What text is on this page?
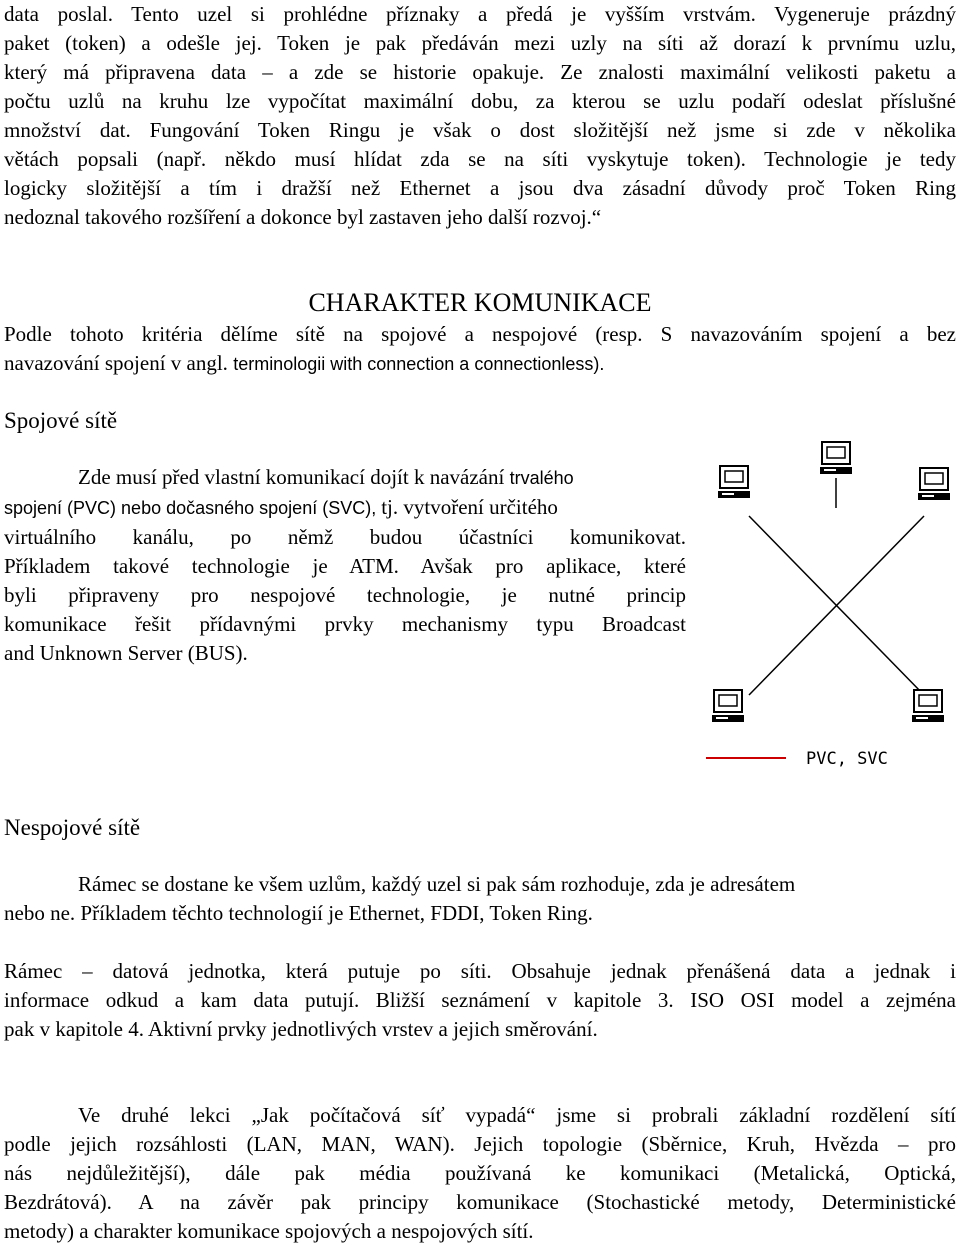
data poslal. Tento uzel si prohlédne příznaky a předá je vyšším vrstvám. Vygeneruje prázdný
paket (token) a odešle jej. Token je pak předáván mezi uzly na síti až dorazí k prvnímu uzlu,
který má připravena data – a zde se historie opakuje. Ze znalosti maximální velikosti paketu a
počtu uzlů na kruhu lze vypočítat maximální dobu, za kterou se uzlu podaří odeslat příslušné
množství dat. Fungování Token Ringu je však o dost složitější než jsme si zde v několika
větách popsali (např. někdo musí hlídat zda se na síti vyskytuje token). Technologie je tedy
logicky složitější a tím i dražší než Ethernet a jsou dva zásadní důvody proč Token Ring
nedoznal takového rozšíření a dokonce byl zastaven jeho další rozvoj.“
CHARAKTER KOMUNIKACE
Podle tohoto kritéria dělíme sítě na spojové a nespojové (resp. S navazováním spojení a bez
navazování spojení v angl. terminologii with connection a connectionless).
Spojové sítě
Zde musí před vlastní komunikací dojít k navázání trvalého
spojení (PVC) nebo dočasného spojení (SVC), tj. vytvoření určitého
virtuálního kanálu, po němž budou účastníci komunikovat.
Příkladem takové technologie je ATM. Avšak pro aplikace, které
byli připraveny pro nespojové technologie, je nutné princip
komunikace řešit přídavnými prvky mechanismy typu Broadcast
and Unknown Server (BUS).
PVC, SVC
Nespojové sítě
Rámec se dostane ke všem uzlům, každý uzel si pak sám rozhoduje, zda je adresátem
nebo ne. Příkladem těchto technologií je Ethernet, FDDI, Token Ring.
Rámec – datová jednotka, která putuje po síti. Obsahuje jednak přenášená data a jednak i
informace odkud a kam data putují. Bližší seznámení v kapitole 3. ISO OSI model a zejména
pak v kapitole 4. Aktivní prvky jednotlivých vrstev a jejich směrování.
Ve druhé lekci „Jak počítačová síť vypadá“ jsme si probrali základní rozdělení sítí
podle jejich rozsáhlosti (LAN, MAN, WAN). Jejich topologie (Sběrnice, Kruh, Hvězda – pro
nás nejdůležitější), dále pak média používaná ke komunikaci (Metalická, Optická,
Bezdrátová). A na závěr pak principy komunikace (Stochastické metody, Deterministické
metody) a charakter komunikace spojových a nespojových sítí.
